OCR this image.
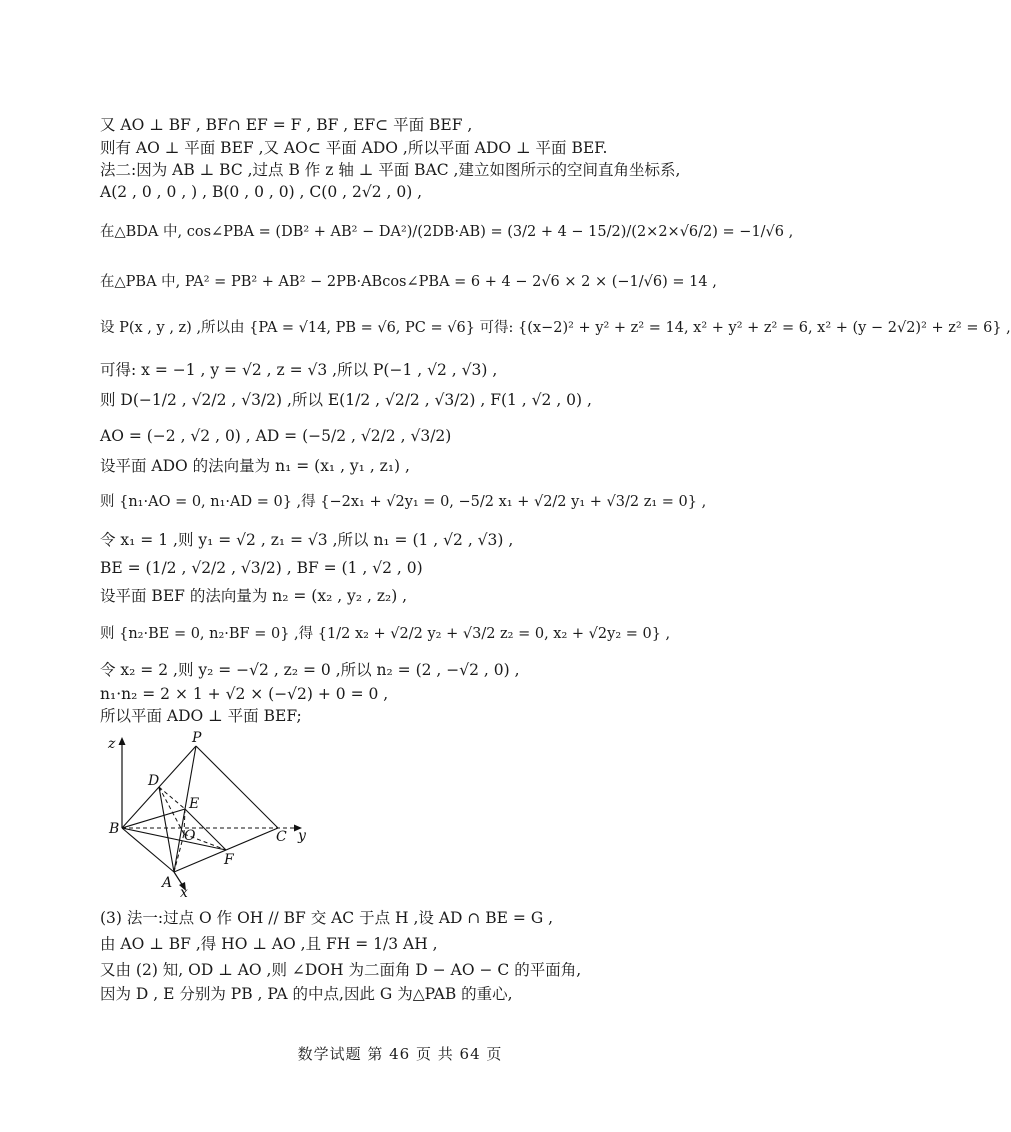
又 AO ⊥ BF , BF∩ EF = F , BF , EF⊂ 平面 BEF ,
则有 AO ⊥ 平面 BEF ,又 AO⊂ 平面 ADO ,所以平面 ADO ⊥ 平面 BEF.
法二:因为 AB ⊥ BC ,过点 B 作 z 轴 ⊥ 平面 BAC ,建立如图所示的空间直角坐标系,
A(2 , 0 , 0 , ) , B(0 , 0 , 0) , C(0 , 2√2 , 0) ,
在△BDA 中, cos∠PBA = (DB² + AB² − DA²)/(2DB·AB) = (3/2 + 4 − 15/2)/(2×2×√6/2) = −1/√6 ,
在△PBA 中, PA² = PB² + AB² − 2PB·ABcos∠PBA = 6 + 4 − 2√6 × 2 × (−1/√6) = 14 ,
设 P(x , y , z) ,所以由 {PA = √14, PB = √6, PC = √6} 可得: {(x−2)² + y² + z² = 14, x² + y² + z² = 6, x² + (y − 2√2)² + z² = 6} ,
可得: x = −1 , y = √2 , z = √3 ,所以 P(−1 , √2 , √3) ,
则 D(−1/2 , √2/2 , √3/2) ,所以 E(1/2 , √2/2 , √3/2) , F(1 , √2 , 0) ,
AO = (−2 , √2 , 0) , AD = (−5/2 , √2/2 , √3/2)
设平面 ADO 的法向量为 n₁ = (x₁ , y₁ , z₁) ,
则 {n₁·AO = 0, n₁·AD = 0} ,得 {−2x₁ + √2y₁ = 0, −5/2 x₁ + √2/2 y₁ + √3/2 z₁ = 0} ,
令 x₁ = 1 ,则 y₁ = √2 , z₁ = √3 ,所以 n₁ = (1 , √2 , √3) ,
BE = (1/2 , √2/2 , √3/2) , BF = (1 , √2 , 0)
设平面 BEF 的法向量为 n₂ = (x₂ , y₂ , z₂) ,
则 {n₂·BE = 0, n₂·BF = 0} ,得 {1/2 x₂ + √2/2 y₂ + √3/2 z₂ = 0, x₂ + √2y₂ = 0} ,
令 x₂ = 2 ,则 y₂ = −√2 , z₂ = 0 ,所以 n₂ = (2 , −√2 , 0) ,
n₁·n₂ = 2 × 1 + √2 × (−√2) + 0 = 0 ,
所以平面 ADO ⊥ 平面 BEF;
z	P
D
E
B	O	C y
F
A
x
(3) 法一:过点 O 作 OH // BF 交 AC 于点 H ,设 AD ∩ BE = G ,
由 AO ⊥ BF ,得 HO ⊥ AO ,且 FH = 1/3 AH ,
又由 (2) 知, OD ⊥ AO ,则 ∠DOH 为二面角 D − AO − C 的平面角,
因为 D , E 分别为 PB , PA 的中点,因此 G 为△PAB 的重心,
数学试题 第 46 页 共 64 页
